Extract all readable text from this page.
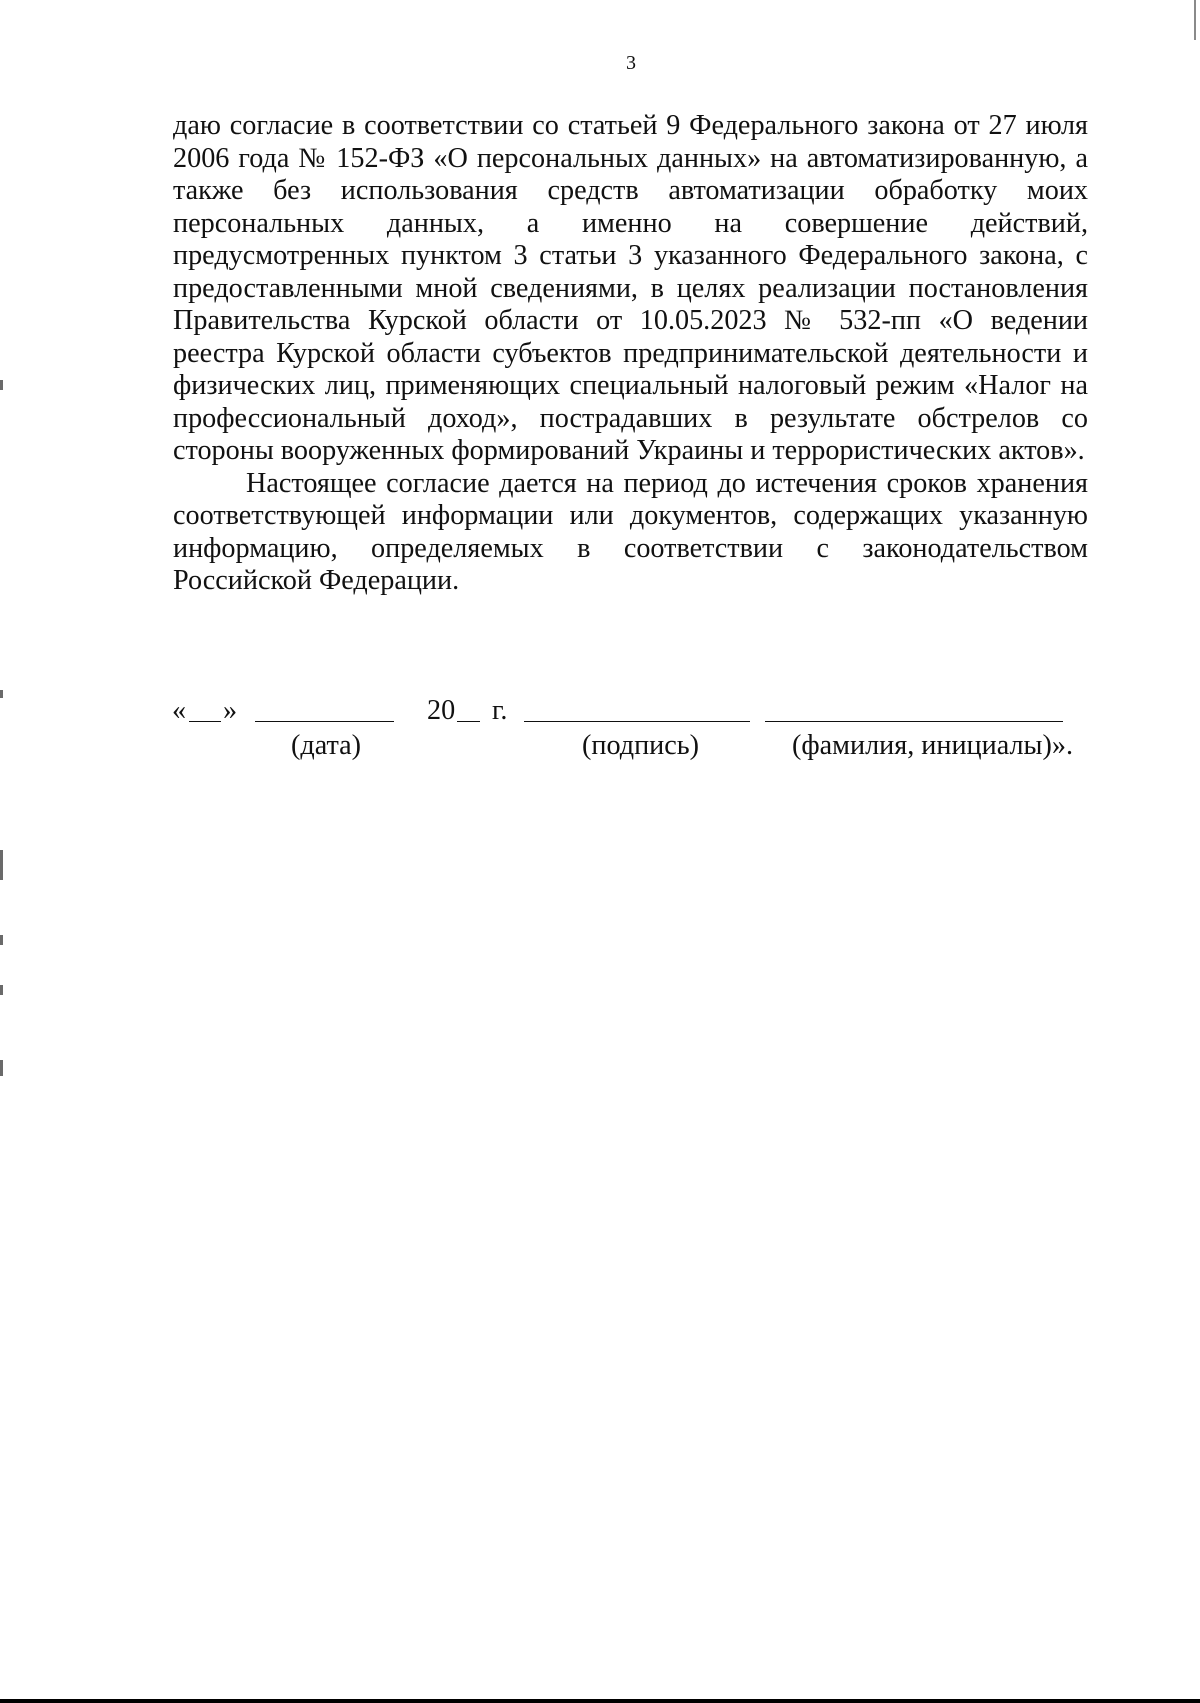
3

даю согласие в соответствии со статьей 9 Федерального закона от 27 июля 2006 года № 152-ФЗ «О персональных данных» на автоматизированную, а также без использования средств автоматизации обработку моих персональных данных, а именно на совершение действий, предусмотренных пунктом 3 статьи 3 указанного Федерального закона, с предоставленными мной сведениями, в целях реализации постановления Правительства Курской области от 10.05.2023 № 532-пп «О ведении реестра Курской области субъектов предпринимательской деятельности и физических лиц, применяющих специальный налоговый режим «Налог на профессиональный доход», пострадавших в результате обстрелов со стороны вооруженных формирований Украины и террористических актов».

Настоящее согласие дается на период до истечения сроков хранения соответствующей информации или документов, содержащих указанную информацию, определяемых в соответствии с законодательством Российской Федерации.

« »	20 г.
(дата)	(подпись)	(фамилия, инициалы)».
